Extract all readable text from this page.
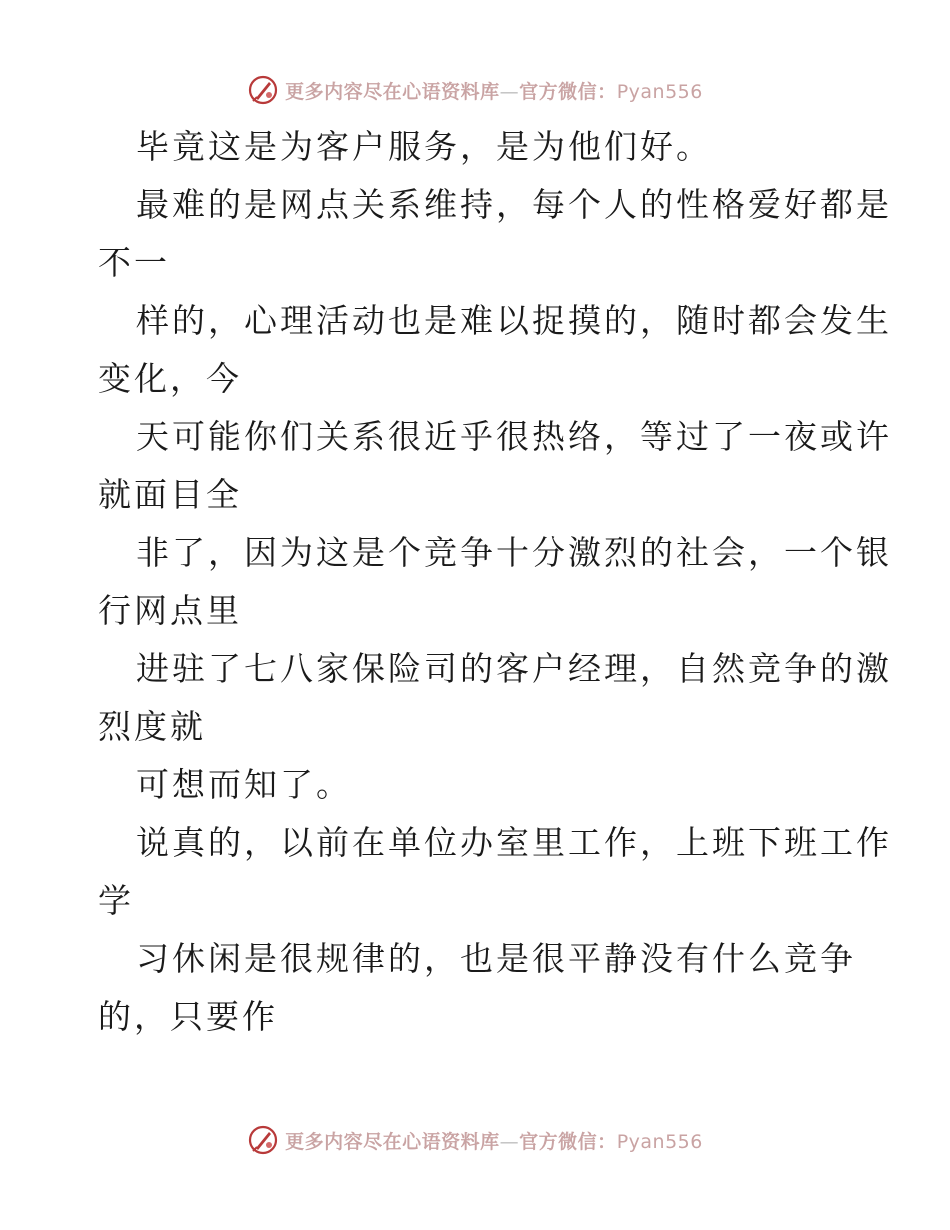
更多内容尽在心语资料库—官方微信：Pyan556
毕竟这是为客户服务，是为他们好。
最难的是网点关系维持，每个人的性格爱好都是
不一
样的，心理活动也是难以捉摸的，随时都会发生
变化，今
天可能你们关系很近乎很热络，等过了一夜或许
就面目全
非了，因为这是个竞争十分激烈的社会，一个银
行网点里
进驻了七八家保险司的客户经理，自然竞争的激
烈度就
可想而知了。
说真的，以前在单位办室里工作，上班下班工作
学
习休闲是很规律的，也是很平静没有什么竞争
的，只要作
更多内容尽在心语资料库—官方微信：Pyan556
